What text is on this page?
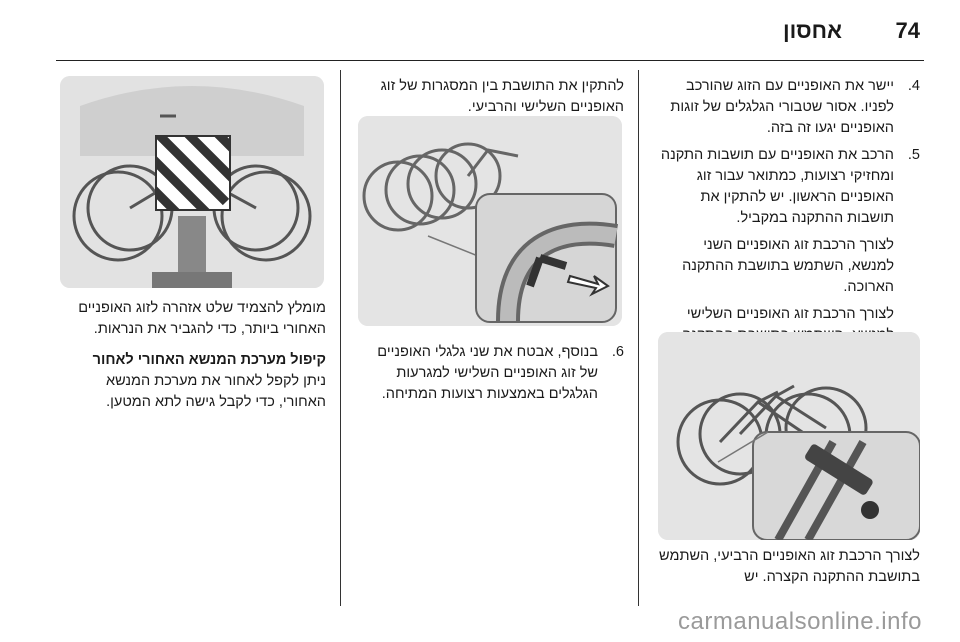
74
אחסון
4.

יישר את האופניים עם הזוג שהורכב לפניו. אסור שטבורי הגלגלים של זוגות האופניים יגעו זה בזה.

5.

הרכב את האופניים עם תושבות התקנה ומחזיקי רצועות, כמתואר עבור זוג האופניים הראשון. יש להתקין את תושבות ההתקנה במקביל.

לצורך הרכבת זוג האופניים השני למנשא, השתמש בתושבת ההתקנה הארוכה.

לצורך הרכבת זוג האופניים השלישי

לצורך הרכבת זוג האופניים הרביעי, השתמש בתושבת ההתקנה הקצרה. יש

להתקין את התושבת בין המסגרות של זוג האופניים השלישי והרביעי.

6.

בנוסף, אבטח את שני גלגלי האופניים של זוג האופניים השלישי למגרעות הגלגלים באמצעות רצועות המתיחה.

מומלץ להצמיד שלט אזהרה לזוג האופניים האחורי ביותר, כדי להגביר את הנראות.

קיפול מערכת המנשא האחורי לאחור

ניתן לקפל לאחור את מערכת המנשא האחורי, כדי לקבל גישה לתא המטען.

carmanualsonline.info
